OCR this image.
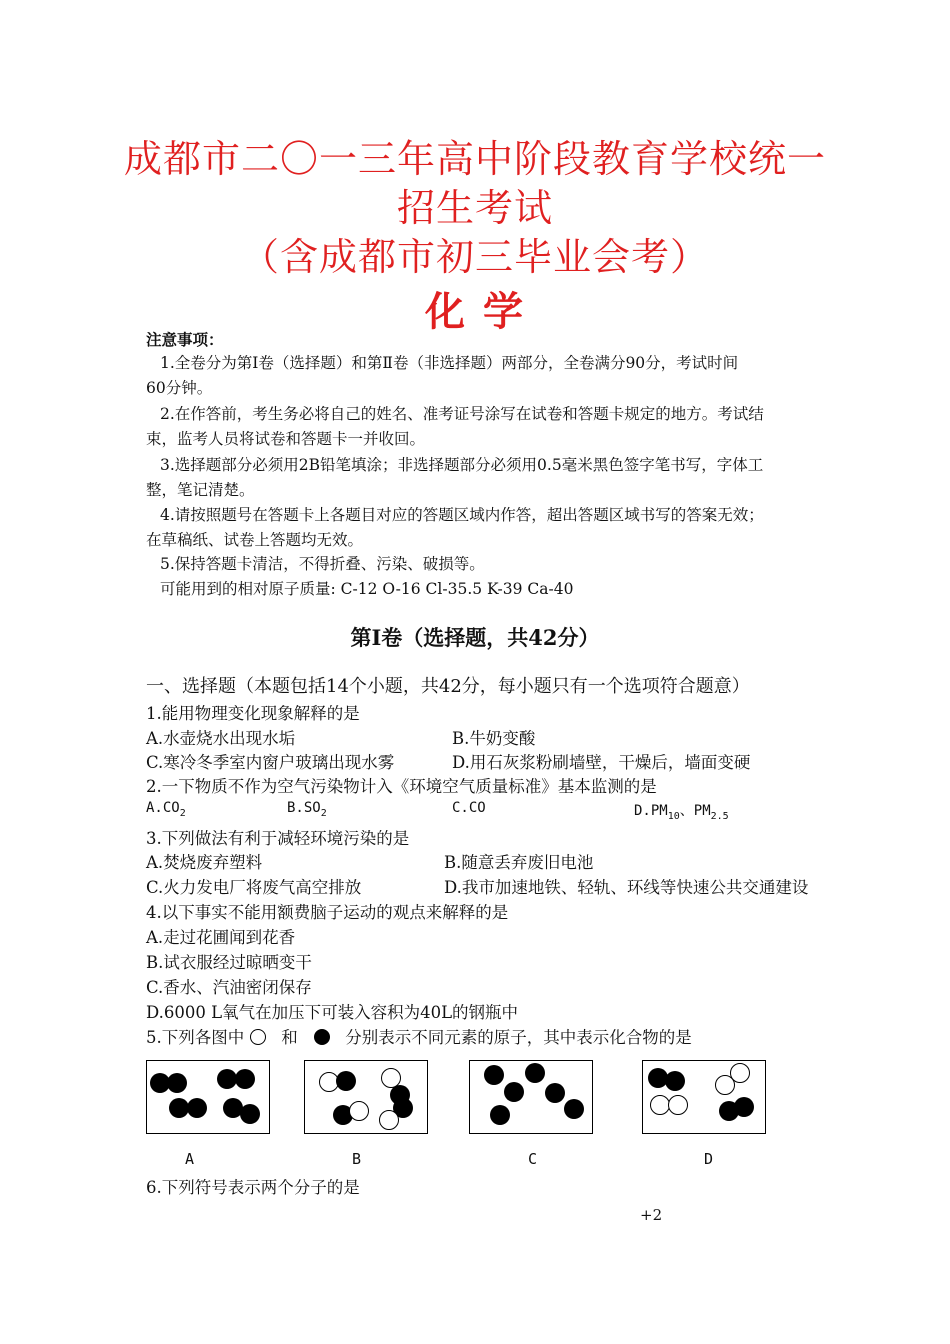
成都市二〇一三年高中阶段教育学校统一
招生考试
（含成都市初三毕业会考）
化 学
注意事项：
1.全卷分为第Ⅰ卷（选择题）和第Ⅱ卷（非选择题）两部分，全卷满分90分，考试时间
60分钟。
2.在作答前，考生务必将自己的姓名、准考证号涂写在试卷和答题卡规定的地方。考试结
束，监考人员将试卷和答题卡一并收回。
3.选择题部分必须用2B铅笔填涂；非选择题部分必须用0.5毫米黑色签字笔书写，字体工
整，笔记清楚。
4.请按照题号在答题卡上各题目对应的答题区域内作答，超出答题区域书写的答案无效；
在草稿纸、试卷上答题均无效。
5.保持答题卡清洁，不得折叠、污染、破损等。
可能用到的相对原子质量: C-12 O-16 Cl-35.5 K-39 Ca-40
第Ⅰ卷（选择题，共42分）
一、选择题（本题包括14个小题，共42分，每小题只有一个选项符合题意）
1.能用物理变化现象解释的是
A.水壶烧水出现水垢	B.牛奶变酸
C.寒冷冬季室内窗户玻璃出现水雾	D.用石灰浆粉刷墙壁，干燥后，墙面变硬
2.一下物质不作为空气污染物计入《环境空气质量标准》基本监测的是
$A.CO_2$	$B.SO_2$	C.CO	$D.PM_{10}$、$PM_{2.5}$
3.下列做法有利于减轻环境污染的是
A.焚烧废弃塑料	B.随意丢弃废旧电池
C.火力发电厂将废气高空排放	D.我市加速地铁、轻轨、环线等快速公共交通建设
4.以下事实不能用额费脑子运动的观点来解释的是
A.走过花圃闻到花香
B.试衣服经过晾晒变干
C.香水、汽油密闭保存
D.6000 L氧气在加压下可装入容积为40L的钢瓶中
5.下列各图中 和	分别表示不同元素的原子，其中表示化合物的是
A	B	C	D
6.下列符号表示两个分子的是
+2
